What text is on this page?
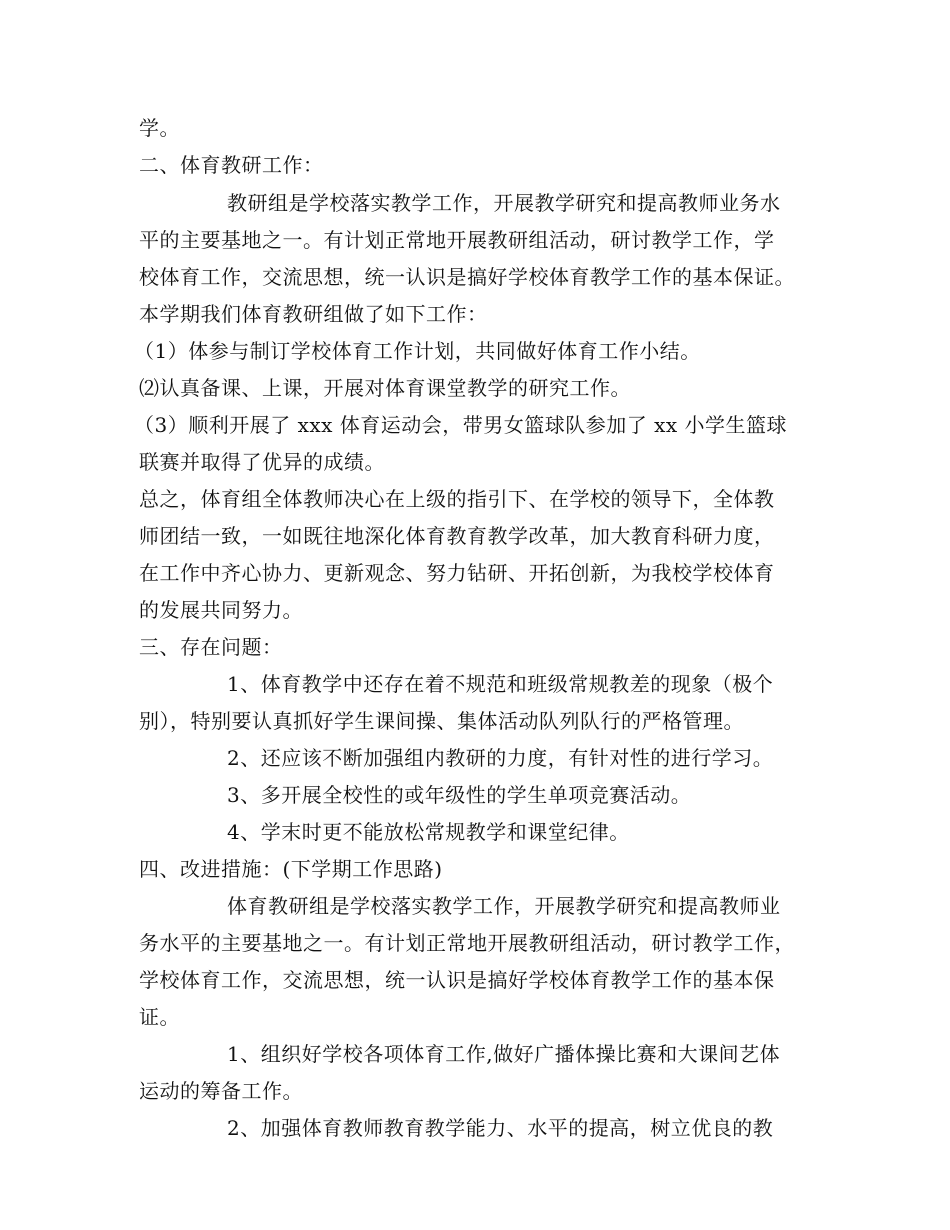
学。
二、体育教研工作：
教研组是学校落实教学工作，开展教学研究和提高教师业务水
平的主要基地之一。有计划正常地开展教研组活动，研讨教学工作，学
校体育工作，交流思想，统一认识是搞好学校体育教学工作的基本保证。
本学期我们体育教研组做了如下工作：
（1）体参与制订学校体育工作计划，共同做好体育工作小结。
⑵认真备课、上课，开展对体育课堂教学的研究工作。
（3）顺利开展了 xxx 体育运动会，带男女篮球队参加了 xx 小学生篮球
联赛并取得了优异的成绩。
总之，体育组全体教师决心在上级的指引下、在学校的领导下，全体教
师团结一致，一如既往地深化体育教育教学改革，加大教育科研力度，
在工作中齐心协力、更新观念、努力钻研、开拓创新，为我校学校体育
的发展共同努力。
三、存在问题：
1、体育教学中还存在着不规范和班级常规教差的现象（极个
别），特别要认真抓好学生课间操、集体活动队列队行的严格管理。
2、还应该不断加强组内教研的力度，有针对性的进行学习。
3、多开展全校性的或年级性的学生单项竞赛活动。
4、学末时更不能放松常规教学和课堂纪律。
四、改进措施：(下学期工作思路)
体育教研组是学校落实教学工作，开展教学研究和提高教师业
务水平的主要基地之一。有计划正常地开展教研组活动，研讨教学工作，
学校体育工作，交流思想，统一认识是搞好学校体育教学工作的基本保
证。
1、组织好学校各项体育工作,做好广播体操比赛和大课间艺体
运动的筹备工作。
2、加强体育教师教育教学能力、水平的提高，树立优良的教
